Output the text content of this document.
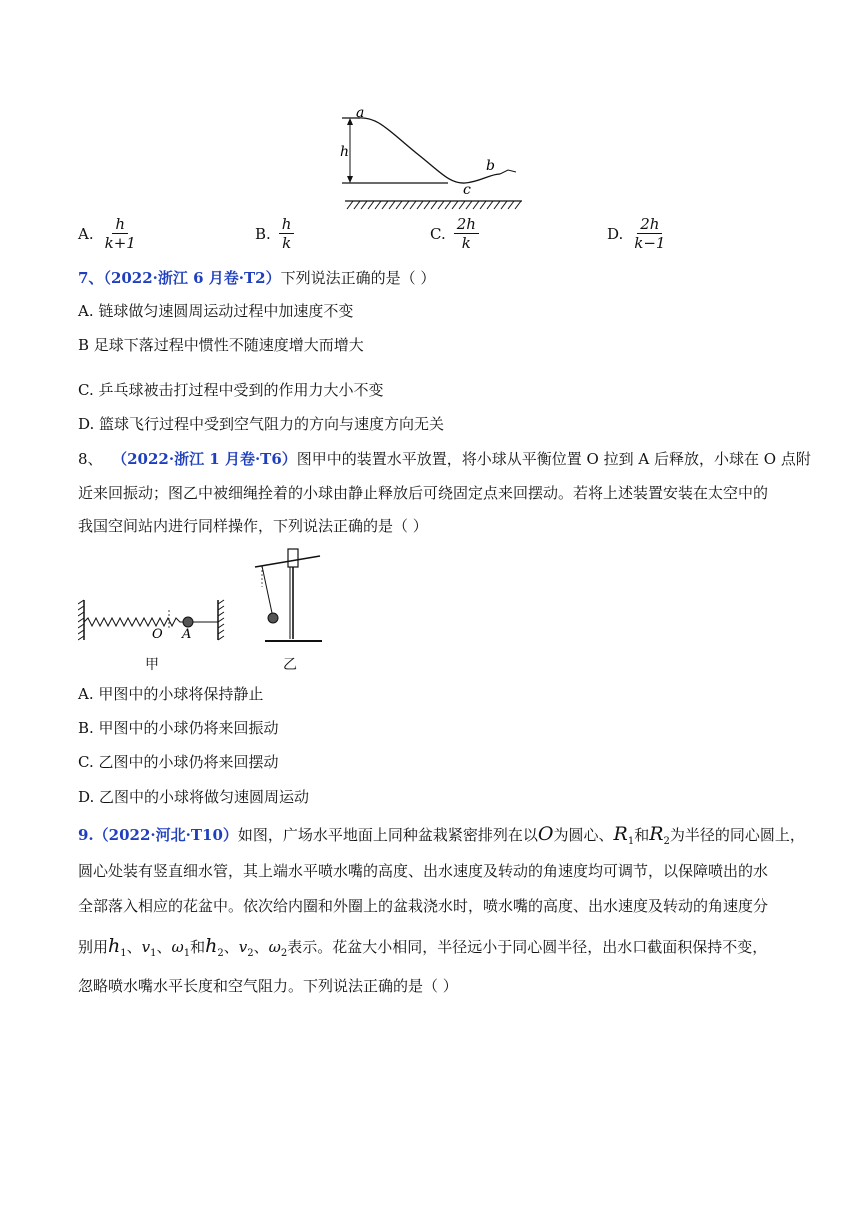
a
h
b
c
A. $\frac{h}{k+1}$	B. $\frac{h}{k}$	C. $\frac{2h}{k}$	D. $\frac{2h}{k-1}$
7、（2022·浙江 6 月卷·T2）下列说法正确的是（ ）
A. 链球做匀速圆周运动过程中加速度不变
B 足球下落过程中惯性不随速度增大而增大
C. 乒乓球被击打过程中受到的作用力大小不变
D. 篮球飞行过程中受到空气阻力的方向与速度方向无关
8、 （2022·浙江 1 月卷·T6）图甲中的装置水平放置，将小球从平衡位置 O 拉到 A 后释放，小球在 O 点附
近来回振动；图乙中被细绳拴着的小球由静止释放后可绕固定点来回摆动。若将上述装置安装在太空中的
我国空间站内进行同样操作，下列说法正确的是（ ）
O A
甲	乙
A. 甲图中的小球将保持静止
B. 甲图中的小球仍将来回振动
C. 乙图中的小球仍将来回摆动
D. 乙图中的小球将做匀速圆周运动
9.（2022·河北·T10）如图，广场水平地面上同种盆栽紧密排列在以O为圆心、$R_1$和$R_2$为半径的同心圆上，
圆心处装有竖直细水管，其上端水平喷水嘴的高度、出水速度及转动的角速度均可调节，以保障喷出的水
全部落入相应的花盆中。依次给内圈和外圈上的盆栽浇水时，喷水嘴的高度、出水速度及转动的角速度分
别用$h_1$、$v_1$、$\omega_1$和$h_2$、$v_2$、$\omega_2$表示。花盆大小相同，半径远小于同心圆半径，出水口截面积保持不变，
忽略喷水嘴水平长度和空气阻力。下列说法正确的是（ ）
